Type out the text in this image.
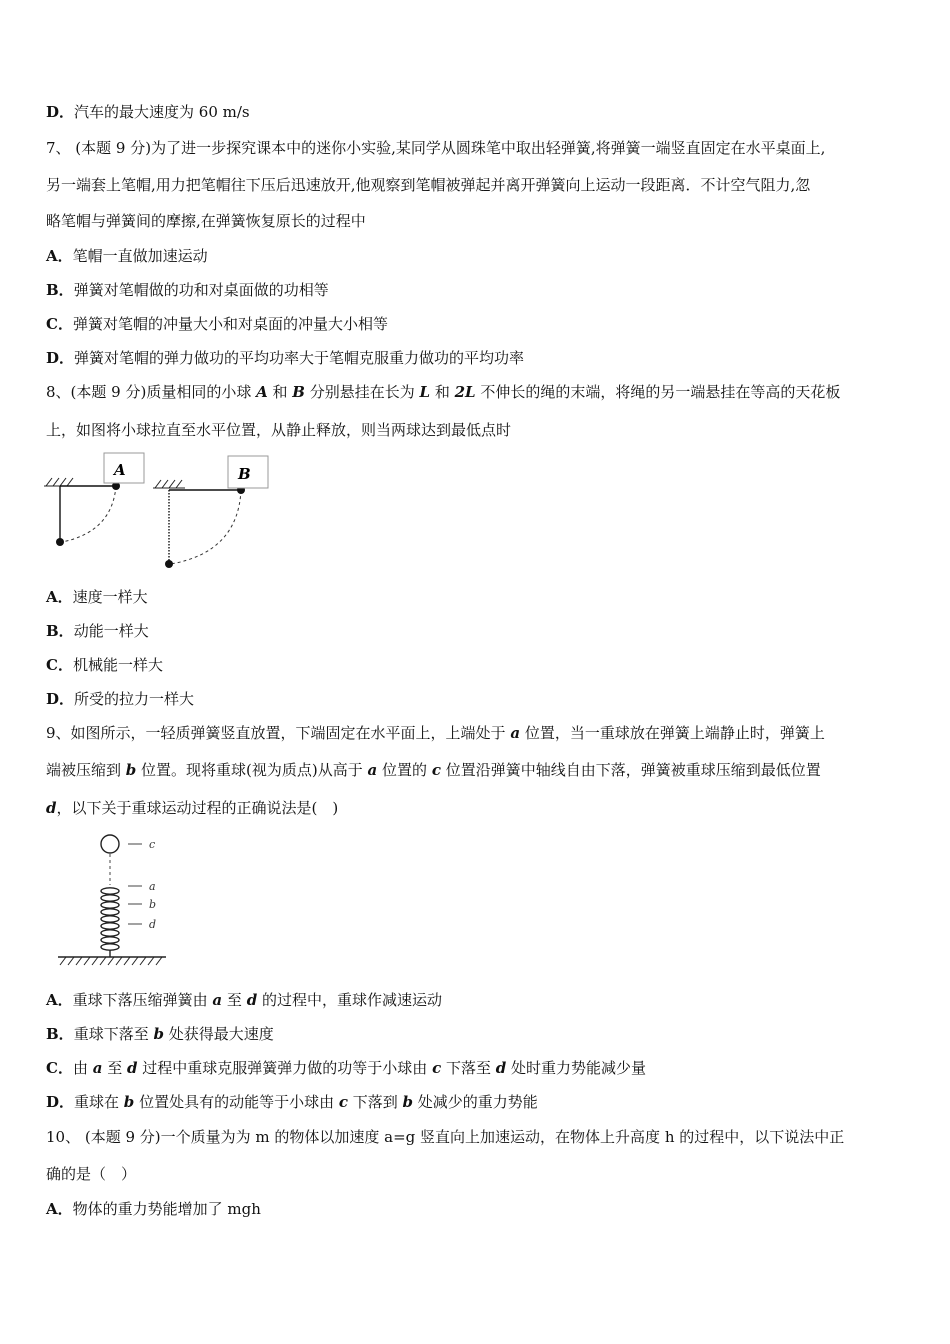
D．汽车的最大速度为 60 m/s
7、 (本题 9 分)为了进一步探究课本中的迷你小实验,某同学从圆珠笔中取出轻弹簧,将弹簧一端竖直固定在水平桌面上,
另一端套上笔帽,用力把笔帽往下压后迅速放开,他观察到笔帽被弹起并离开弹簧向上运动一段距离．不计空气阻力,忽
略笔帽与弹簧间的摩擦,在弹簧恢复原长的过程中
A．笔帽一直做加速运动
B．弹簧对笔帽做的功和对桌面做的功相等
C．弹簧对笔帽的冲量大小和对桌面的冲量大小相等
D．弹簧对笔帽的弹力做功的平均功率大于笔帽克服重力做功的平均功率
8、(本题 9 分)质量相同的小球 A 和 B 分别悬挂在长为 L 和 2L 不伸长的绳的末端，将绳的另一端悬挂在等高的天花板
上，如图将小球拉直至水平位置，从静止释放，则当两球达到最低点时
A	B
A．速度一样大
B．动能一样大
C．机械能一样大
D．所受的拉力一样大
9、如图所示，一轻质弹簧竖直放置，下端固定在水平面上，上端处于 a 位置，当一重球放在弹簧上端静止时，弹簧上
端被压缩到 b 位置。现将重球(视为质点)从高于 a 位置的 c 位置沿弹簧中轴线自由下落，弹簧被重球压缩到最低位置
d，以下关于重球运动过程的正确说法是(　)
c
a
b
d
A．重球下落压缩弹簧由 a 至 d 的过程中，重球作减速运动
B．重球下落至 b 处获得最大速度
C．由 a 至 d 过程中重球克服弹簧弹力做的功等于小球由 c 下落至 d 处时重力势能减少量
D．重球在 b 位置处具有的动能等于小球由 c 下落到 b 处减少的重力势能
10、 (本题 9 分)一个质量为为 m 的物体以加速度 a=g 竖直向上加速运动，在物体上升高度 h 的过程中，以下说法中正
确的是（　）
A．物体的重力势能增加了 mgh
